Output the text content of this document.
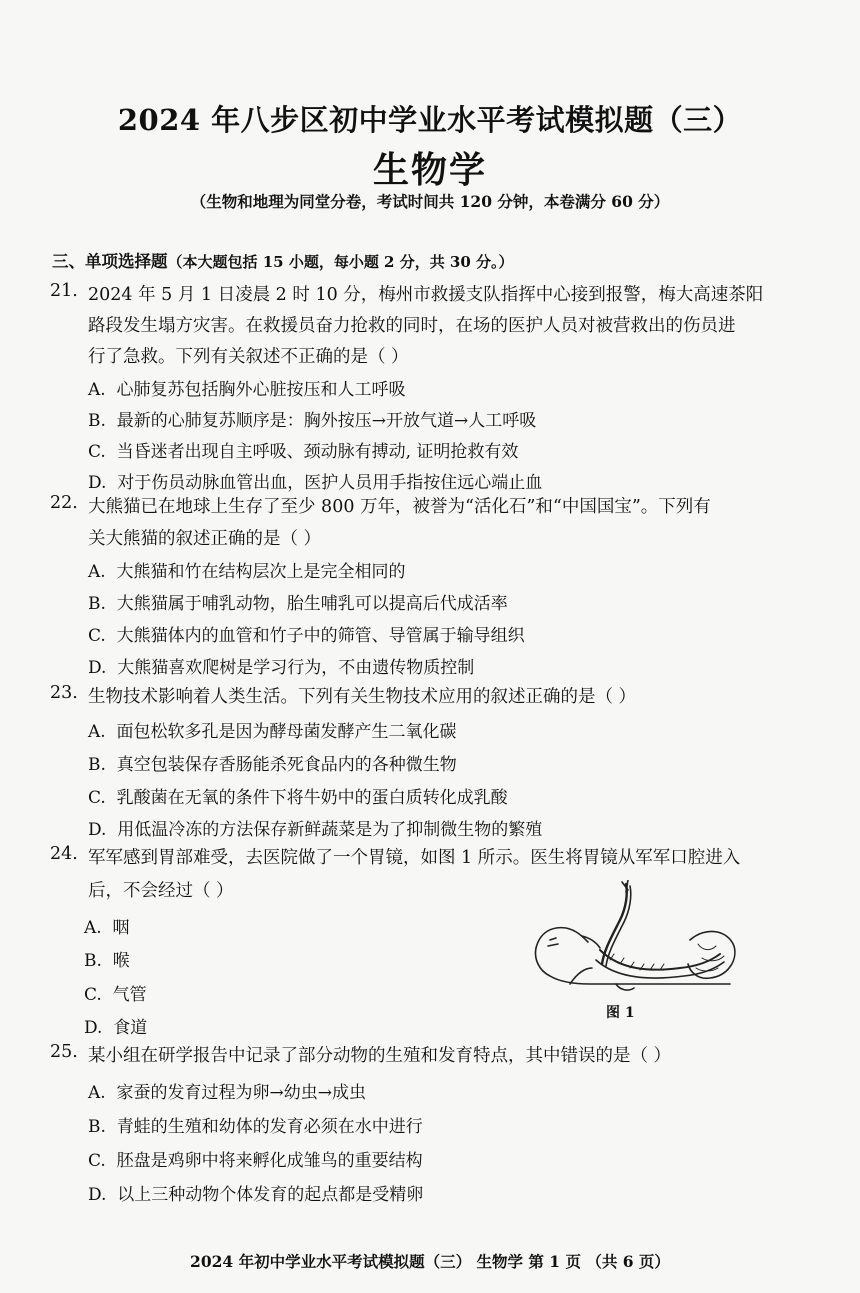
2024 年八步区初中学业水平考试模拟题（三）
生物学
（生物和地理为同堂分卷，考试时间共 120 分钟，本卷满分 60 分）
三、单项选择题（本大题包括 15 小题，每小题 2 分，共 30 分。）
21. 2024 年 5 月 1 日凌晨 2 时 10 分，梅州市救援支队指挥中心接到报警，梅大高速茶阳
路段发生塌方灾害。在救援员奋力抢救的同时，在场的医护人员对被营救出的伤员进
行了急救。下列有关叙述不正确的是（ ）
A. 心肺复苏包括胸外心脏按压和人工呼吸
B. 最新的心肺复苏顺序是：胸外按压→开放气道→人工呼吸
C. 当昏迷者出现自主呼吸、颈动脉有搏动, 证明抢救有效
D. 对于伤员动脉血管出血，医护人员用手指按住远心端止血
22. 大熊猫已在地球上生存了至少 800 万年，被誉为“活化石”和“中国国宝”。下列有
关大熊猫的叙述正确的是（ ）
A. 大熊猫和竹在结构层次上是完全相同的
B. 大熊猫属于哺乳动物，胎生哺乳可以提高后代成活率
C. 大熊猫体内的血管和竹子中的筛管、导管属于输导组织
D. 大熊猫喜欢爬树是学习行为，不由遗传物质控制
23. 生物技术影响着人类生活。下列有关生物技术应用的叙述正确的是（ ）
A. 面包松软多孔是因为酵母菌发酵产生二氧化碳
B. 真空包装保存香肠能杀死食品内的各种微生物
C. 乳酸菌在无氧的条件下将牛奶中的蛋白质转化成乳酸
D. 用低温冷冻的方法保存新鲜蔬菜是为了抑制微生物的繁殖
24. 军军感到胃部难受，去医院做了一个胃镜，如图 1 所示。医生将胃镜从军军口腔进入
后，不会经过（ ）
A. 咽
B. 喉
C. 气管
D. 食道
图 1
25. 某小组在研学报告中记录了部分动物的生殖和发育特点，其中错误的是（ ）
A. 家蚕的发育过程为卵→幼虫→成虫
B. 青蛙的生殖和幼体的发育必须在水中进行
C. 胚盘是鸡卵中将来孵化成雏鸟的重要结构
D. 以上三种动物个体发育的起点都是受精卵
2024 年初中学业水平考试模拟题（三） 生物学 第 1 页 （共 6 页）
